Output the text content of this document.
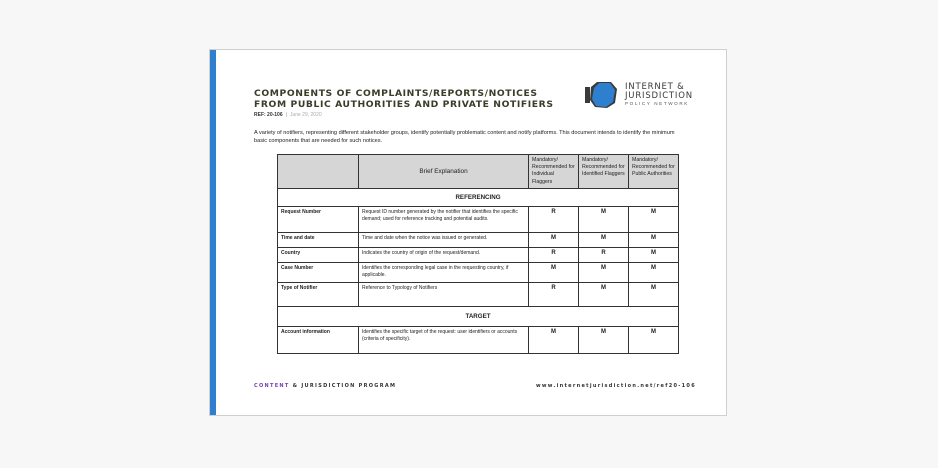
COMPONENTS OF COMPLAINTS/REPORTS/NOTICES FROM PUBLIC AUTHORITIES AND PRIVATE NOTIFIERS
REF: 20-106 | June 29, 2020
INTERNET &
JURISDICTION
POLICY NETWORK

A variety of notifiers, representing different stakeholder groups, identify potentially problematic content and notify platforms. This document intends to identify the minimum basic components that are needed for such notices.

	Brief Explanation	Mandatory/ Recommended for Individual Flaggers	Mandatory/ Recommended for Identified Flaggers	Mandatory/ Recommended for Public Authorities
REFERENCING				
Request Number	Request ID number generated by the notifier that identifies the specific demand; used for reference tracking and potential audits.	R	M	M
Time and date	Time and date when the notice was issued or generated.	M	M	M
Country	Indicates the country of origin of the request/demand.	R	R	M
Case Number	Identifies the corresponding legal case in the requesting country, if applicable.	M	M	M
Type of Notifier	Reference to Typology of Notifiers	R	M	M
TARGET				
Account information	Identifies the specific target of the request: user identifiers or accounts (criteria of specificity).	M	M	M
CONTENT & JURISDICTION PROGRAM	www.internetjurisdiction.net/ref20-106
